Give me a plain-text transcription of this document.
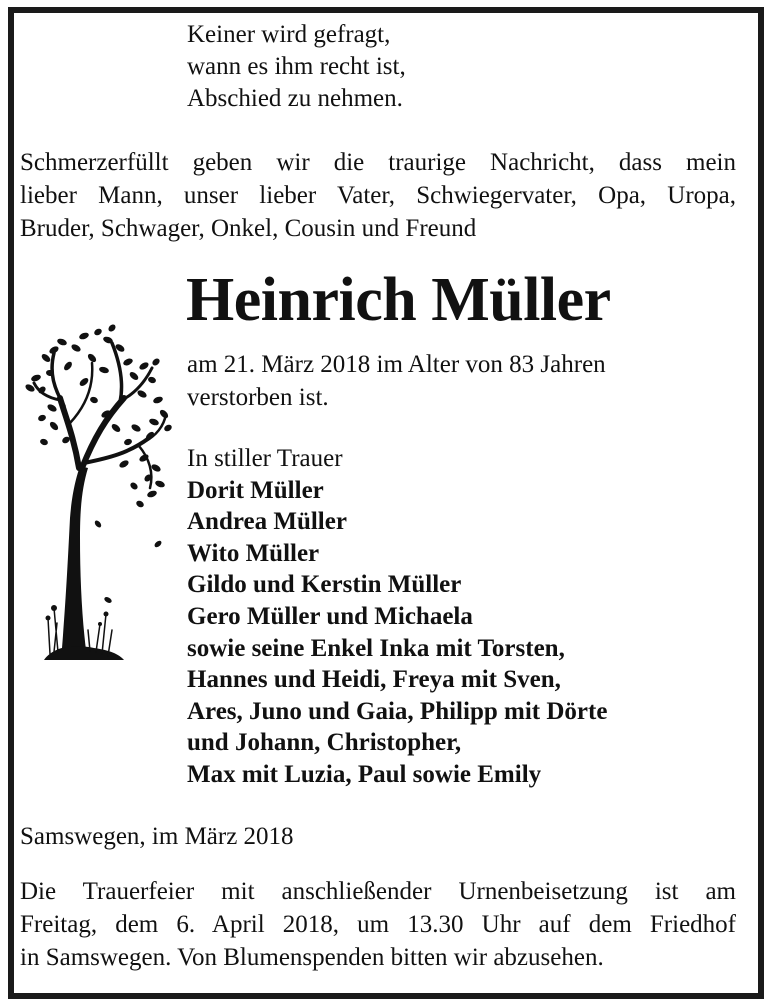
Keiner wird gefragt,
wann es ihm recht ist,
Abschied zu nehmen.
Schmerzerfüllt geben wir die traurige Nachricht, dass mein
lieber Mann, unser lieber Vater, Schwiegervater, Opa, Uropa,
Bruder, Schwager, Onkel, Cousin und Freund
Heinrich Müller
am 21. März 2018 im Alter von 83 Jahren
verstorben ist.
In stiller Trauer
Dorit Müller
Andrea Müller
Wito Müller
Gildo und Kerstin Müller
Gero Müller und Michaela
sowie seine Enkel Inka mit Torsten,
Hannes und Heidi, Freya mit Sven,
Ares, Juno und Gaia, Philipp mit Dörte
und Johann, Christopher,
Max mit Luzia, Paul sowie Emily
Samswegen, im März 2018
Die Trauerfeier mit anschließender Urnenbeisetzung ist am
Freitag, dem 6. April 2018, um 13.30 Uhr auf dem Friedhof
in Samswegen. Von Blumenspenden bitten wir abzusehen.
